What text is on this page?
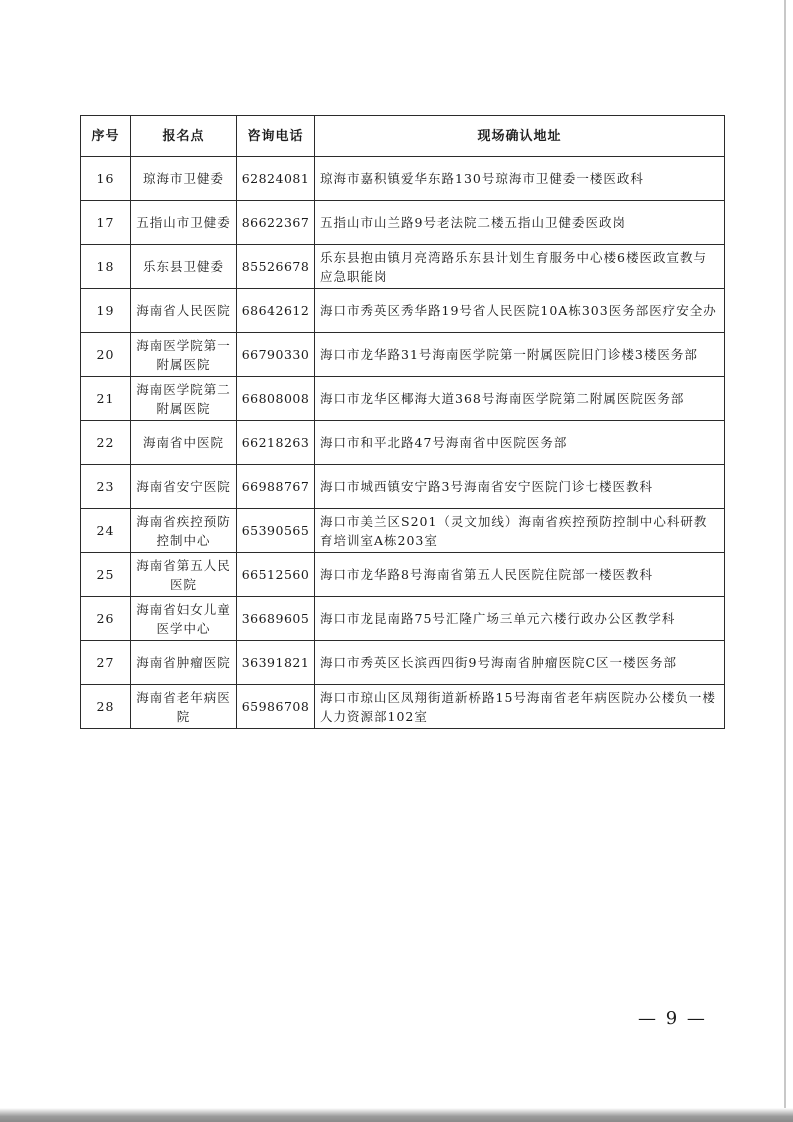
序号	报名点	咨询电话	现场确认地址
16	琼海市卫健委	62824081	琼海市嘉积镇爱华东路130号琼海市卫健委一楼医政科
17	五指山市卫健委	86622367	五指山市山兰路9号老法院二楼五指山卫健委医政岗
18	乐东县卫健委	85526678	乐东县抱由镇月亮湾路乐东县计划生育服务中心楼6楼医政宣教与应急职能岗
19	海南省人民医院	68642612	海口市秀英区秀华路19号省人民医院10A栋303医务部医疗安全办
20	海南医学院第一附属医院	66790330	海口市龙华路31号海南医学院第一附属医院旧门诊楼3楼医务部
21	海南医学院第二附属医院	66808008	海口市龙华区椰海大道368号海南医学院第二附属医院医务部
22	海南省中医院	66218263	海口市和平北路47号海南省中医院医务部
23	海南省安宁医院	66988767	海口市城西镇安宁路3号海南省安宁医院门诊七楼医教科
24	海南省疾控预防控制中心	65390565	海口市美兰区S201（灵文加线）海南省疾控预防控制中心科研教育培训室A栋203室
25	海南省第五人民医院	66512560	海口市龙华路8号海南省第五人民医院住院部一楼医教科
26	海南省妇女儿童医学中心	36689605	海口市龙昆南路75号汇隆广场三单元六楼行政办公区教学科
27	海南省肿瘤医院	36391821	海口市秀英区长滨西四街9号海南省肿瘤医院C区一楼医务部
28	海南省老年病医院	65986708	海口市琼山区凤翔街道新桥路15号海南省老年病医院办公楼负一楼人力资源部102室
— 9 —
